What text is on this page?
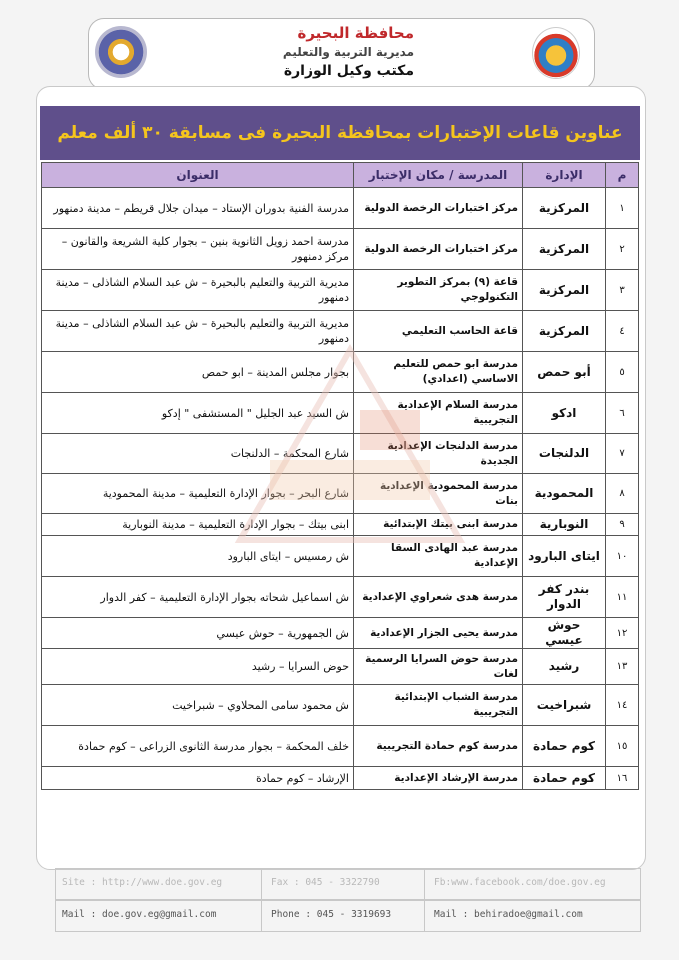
محافظة البحيرة
مديرية التربية والتعليم
مكتب وكيل الوزارة
عناوين قاعات الإختبارات بمحافظة البحيرة فى مسابقة ٣٠ ألف معلم
م	الإدارة	المدرسة / مكان الإختبار	العنوان
١	المركزية	مركز اختبارات الرخصة الدولية	مدرسة الفنية بدوران الإستاد – ميدان جلال قريطم – مدينة دمنهور
٢	المركزية	مركز اختبارات الرخصة الدولية	مدرسة احمد زويل الثانوية بنين – بجوار كلية الشريعة والقانون – مركز دمنهور
٣	المركزية	قاعة (٩) بمركز التطوير التكنولوجي	مديرية التربية والتعليم بالبحيرة – ش عبد السلام الشاذلى – مدينة دمنهور
٤	المركزية	قاعة الحاسب التعليمي	مديرية التربية والتعليم بالبحيرة – ش عبد السلام الشاذلى – مدينة دمنهور
٥	أبو حمص	مدرسة ابو حمص للتعليم الاساسي (اعدادي)	بجوار مجلس المدينة – ابو حمص
٦	ادكو	مدرسة السلام الإعدادية التجريبية	ش السيد عبد الجليل " المستشفى " إدكو
٧	الدلنجات	مدرسة الدلنجات الإعدادية الجديدة	شارع المحكمة – الدلنجات
٨	المحمودية	مدرسة المحمودية الإعدادية بنات	شارع البحر – بجوار الإدارة التعليمية – مدينة المحمودية
٩	النوبارية	مدرسة ابنى بيتك الإبتدائية	ابنى بيتك – بجوار الإدارة التعليمية – مدينة النوبارية
١٠	ايتاى البارود	مدرسة عبد الهادى السقا الإعدادية	ش رمسيس – ايتاى البارود
١١	بندر كفر الدوار	مدرسة هدى شعراوي الإعدادية	ش اسماعيل شحاته بجوار الإدارة التعليمية – كفر الدوار
١٢	حوش عيسي	مدرسة يحيى الجزار الإعدادية	ش الجمهورية – حوش عيسي
١٣	رشيد	مدرسة حوض السرايا الرسمية لغات	حوض السرايا – رشيد
١٤	شبراخيت	مدرسة الشباب الإبتدائية التجريبية	ش محمود سامى المحلاوي – شبراخيت
١٥	كوم حمادة	مدرسة كوم حمادة التجريبية	خلف المحكمة – بجوار مدرسة الثانوى الزراعى – كوم حمادة
١٦	كوم حمادة	مدرسة الإرشاد الإعدادية	الإرشاد – كوم حمادة
Site : http://www.doe.gov.eg	Fax : 045 - 3322790	Fb:www.facebook.com/doe.gov.eg
Mail : doe.gov.eg@gmail.com	Phone : 045 - 3319693	Mail : behiradoe@gmail.com
